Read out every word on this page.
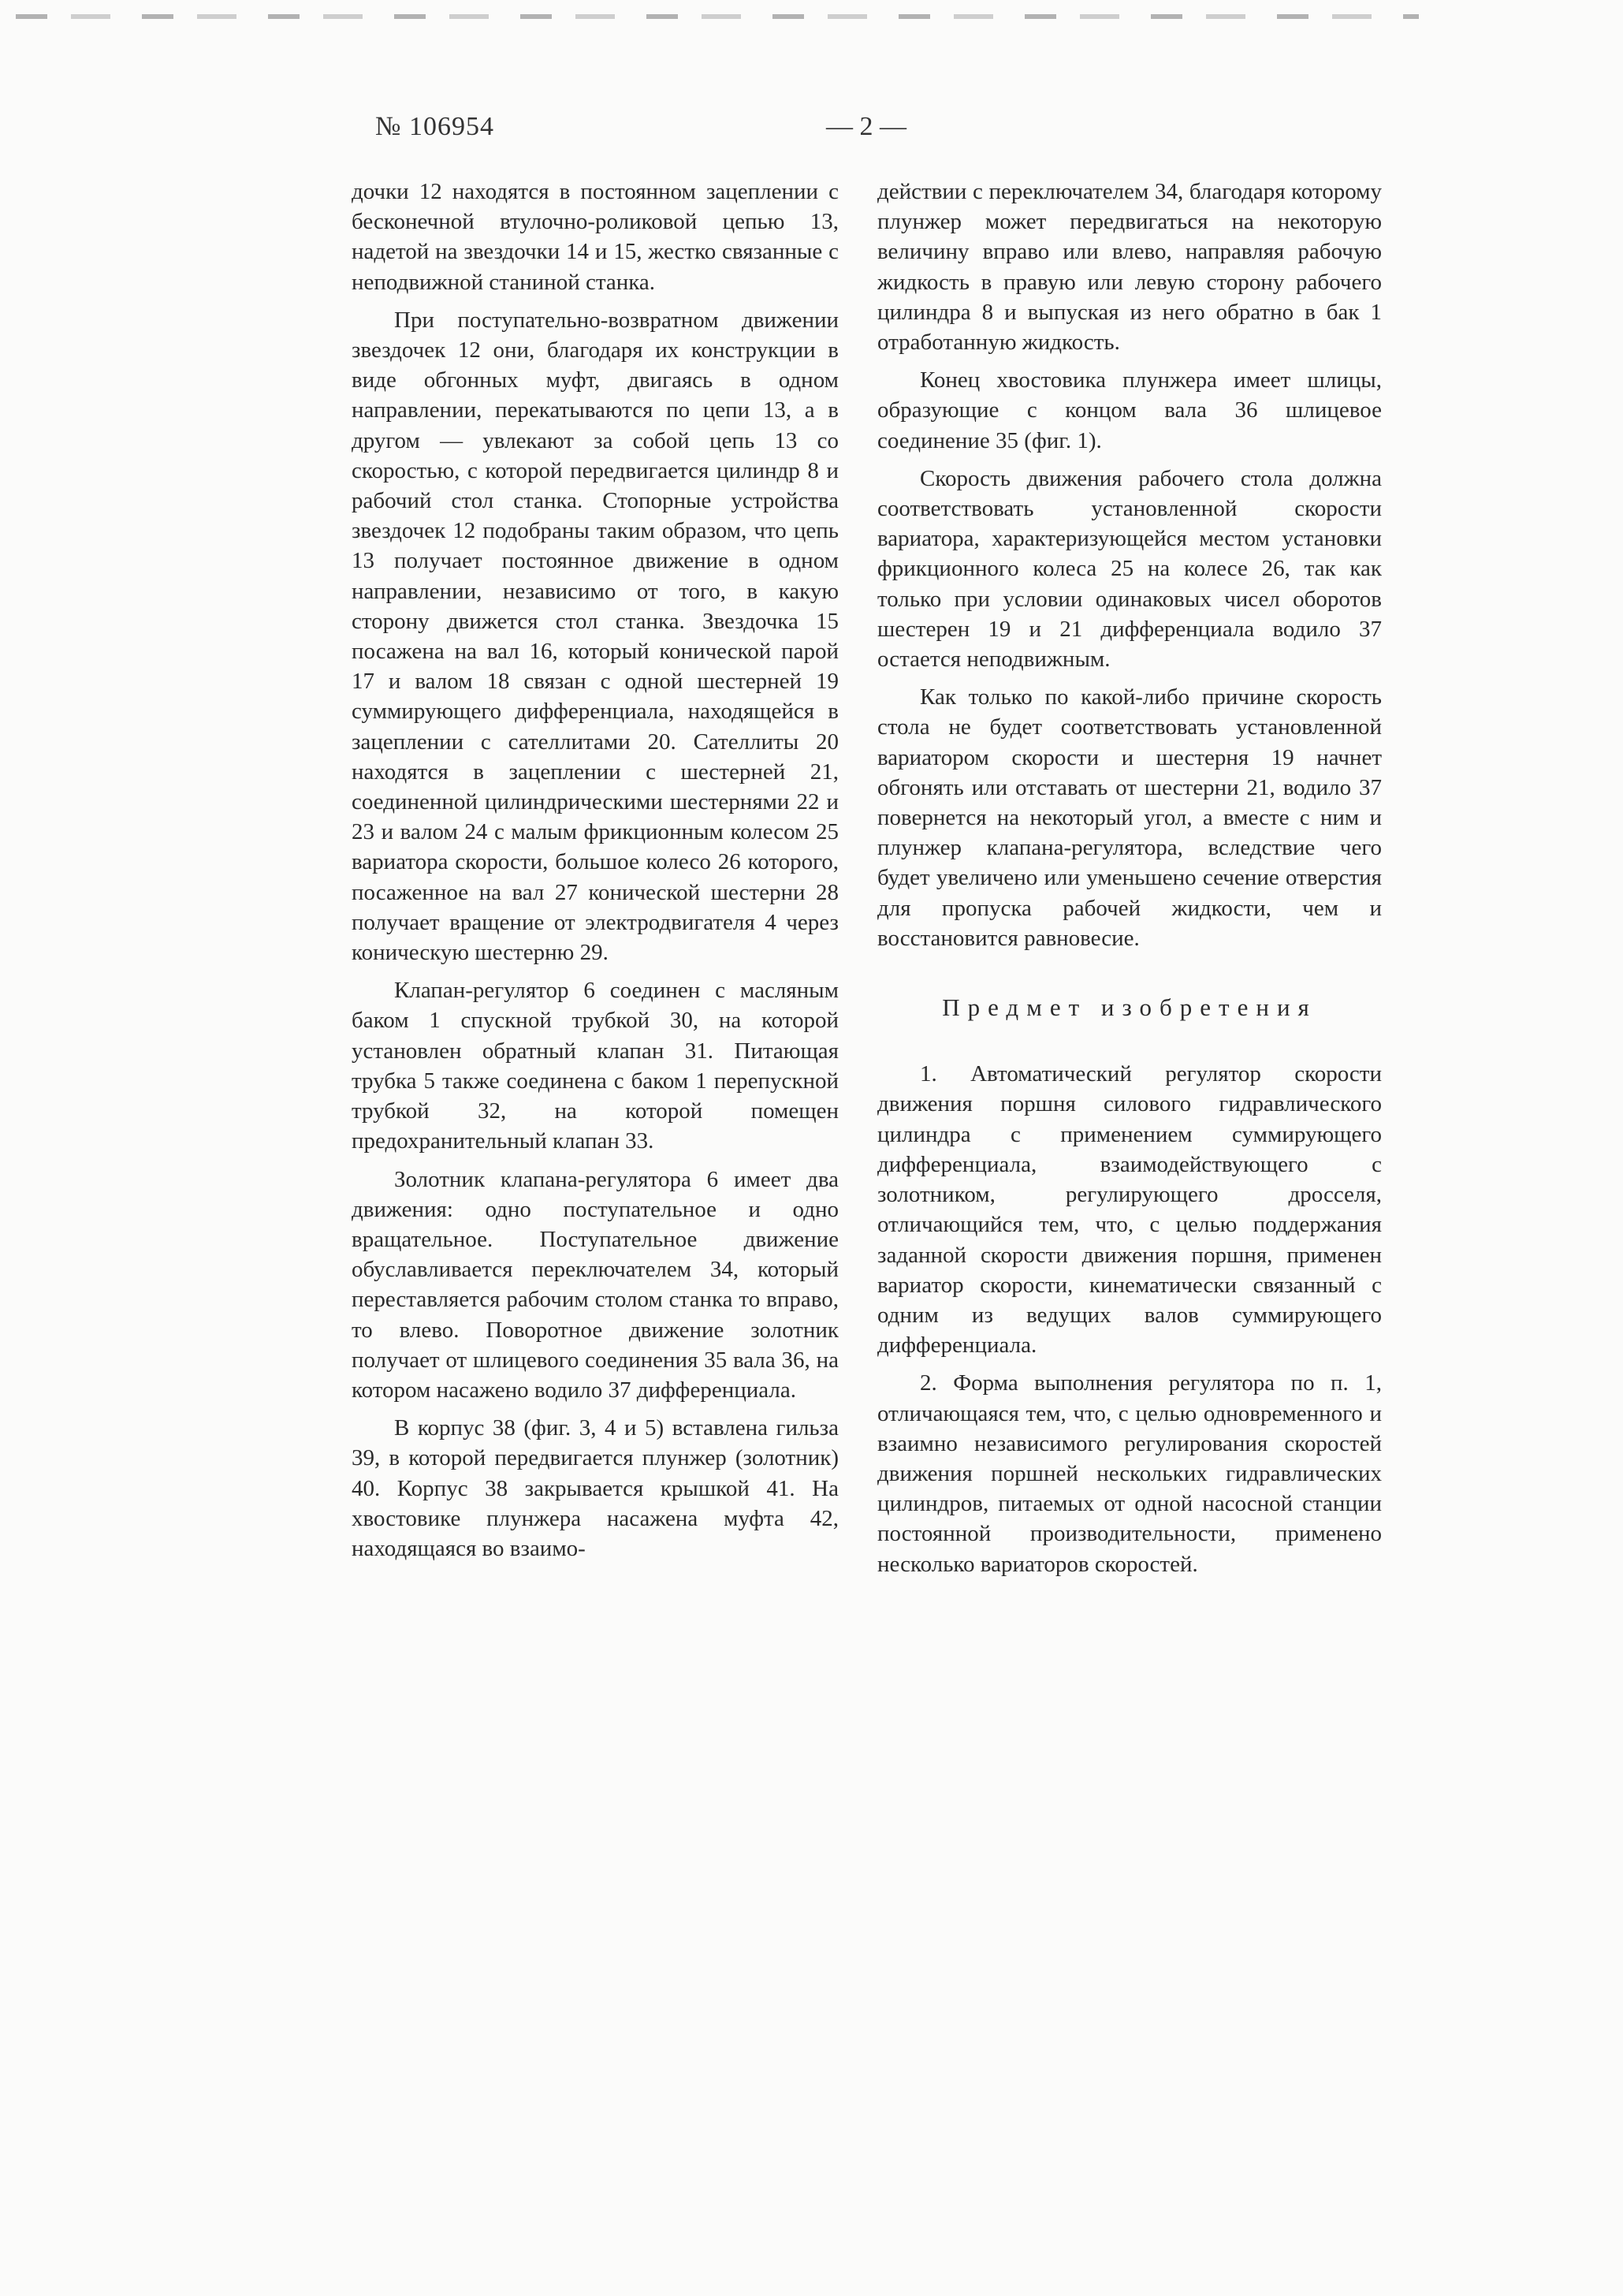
№ 106954	— 2 —

дочки 12 находятся в постоянном зацеплении с бесконечной втулочно-роликовой цепью 13, надетой на звездочки 14 и 15, жестко связанные с неподвижной станиной станка.

При поступательно-возвратном движении звездочек 12 они, благодаря их конструкции в виде обгонных муфт, двигаясь в одном направлении, перекатываются по цепи 13, а в другом — увлекают за собой цепь 13 со скоростью, с которой передвигается цилиндр 8 и рабочий стол станка. Стопорные устройства звездочек 12 подобраны таким образом, что цепь 13 получает постоянное движение в одном направлении, независимо от того, в какую сторону движется стол станка. Звездочка 15 посажена на вал 16, который конической парой 17 и валом 18 связан с одной шестерней 19 суммирующего дифференциала, находящейся в зацеплении с сателлитами 20. Сателлиты 20 находятся в зацеплении с шестерней 21, соединенной цилиндрическими шестернями 22 и 23 и валом 24 с малым фрикционным колесом 25 вариатора скорости, большое колесо 26 которого, посаженное на вал 27 конической шестерни 28 получает вращение от электродвигателя 4 через коническую шестерню 29.

Клапан-регулятор 6 соединен с масляным баком 1 спускной трубкой 30, на которой установлен обратный клапан 31. Питающая трубка 5 также соединена с баком 1 перепускной трубкой 32, на которой помещен предохранительный клапан 33.

Золотник клапана-регулятора 6 имеет два движения: одно поступательное и одно вращательное. Поступательное движение обуславливается переключателем 34, который переставляется рабочим столом станка то вправо, то влево. Поворотное движение золотник получает от шлицевого соединения 35 вала 36, на котором насажено водило 37 дифференциала.

В корпус 38 (фиг. 3, 4 и 5) вставлена гильза 39, в которой передвигается плунжер (золотник) 40. Корпус 38 закрывается крышкой 41. На хвостовике плунжера насажена муфта 42, находящаяся во взаимо-

действии с переключателем 34, благодаря которому плунжер может передвигаться на некоторую величину вправо или влево, направляя рабочую жидкость в правую или левую сторону рабочего цилиндра 8 и выпуская из него обратно в бак 1 отработанную жидкость.

Конец хвостовика плунжера имеет шлицы, образующие с концом вала 36 шлицевое соединение 35 (фиг. 1).

Скорость движения рабочего стола должна соответствовать установленной скорости вариатора, характеризующейся местом установки фрикционного колеса 25 на колесе 26, так как только при условии одинаковых чисел оборотов шестерен 19 и 21 дифференциала водило 37 остается неподвижным.

Как только по какой-либо причине скорость стола не будет соответствовать установленной вариатором скорости и шестерня 19 начнет обгонять или отставать от шестерни 21, водило 37 повернется на некоторый угол, а вместе с ним и плунжер клапана-регулятора, вследствие чего будет увеличено или уменьшено сечение отверстия для пропуска рабочей жидкости, чем и восстановится равновесие.

Предмет изобретения

1. Автоматический регулятор скорости движения поршня силового гидравлического цилиндра с применением суммирующего дифференциала, взаимодействующего с золотником, регулирующего дросселя, отличающийся тем, что, с целью поддержания заданной скорости движения поршня, применен вариатор скорости, кинематически связанный с одним из ведущих валов суммирующего дифференциала.

2. Форма выполнения регулятора по п. 1, отличающаяся тем, что, с целью одновременного и взаимно независимого регулирования скоростей движения поршней нескольких гидравлических цилиндров, питаемых от одной насосной станции постоянной производительности, применено несколько вариаторов скоростей.
